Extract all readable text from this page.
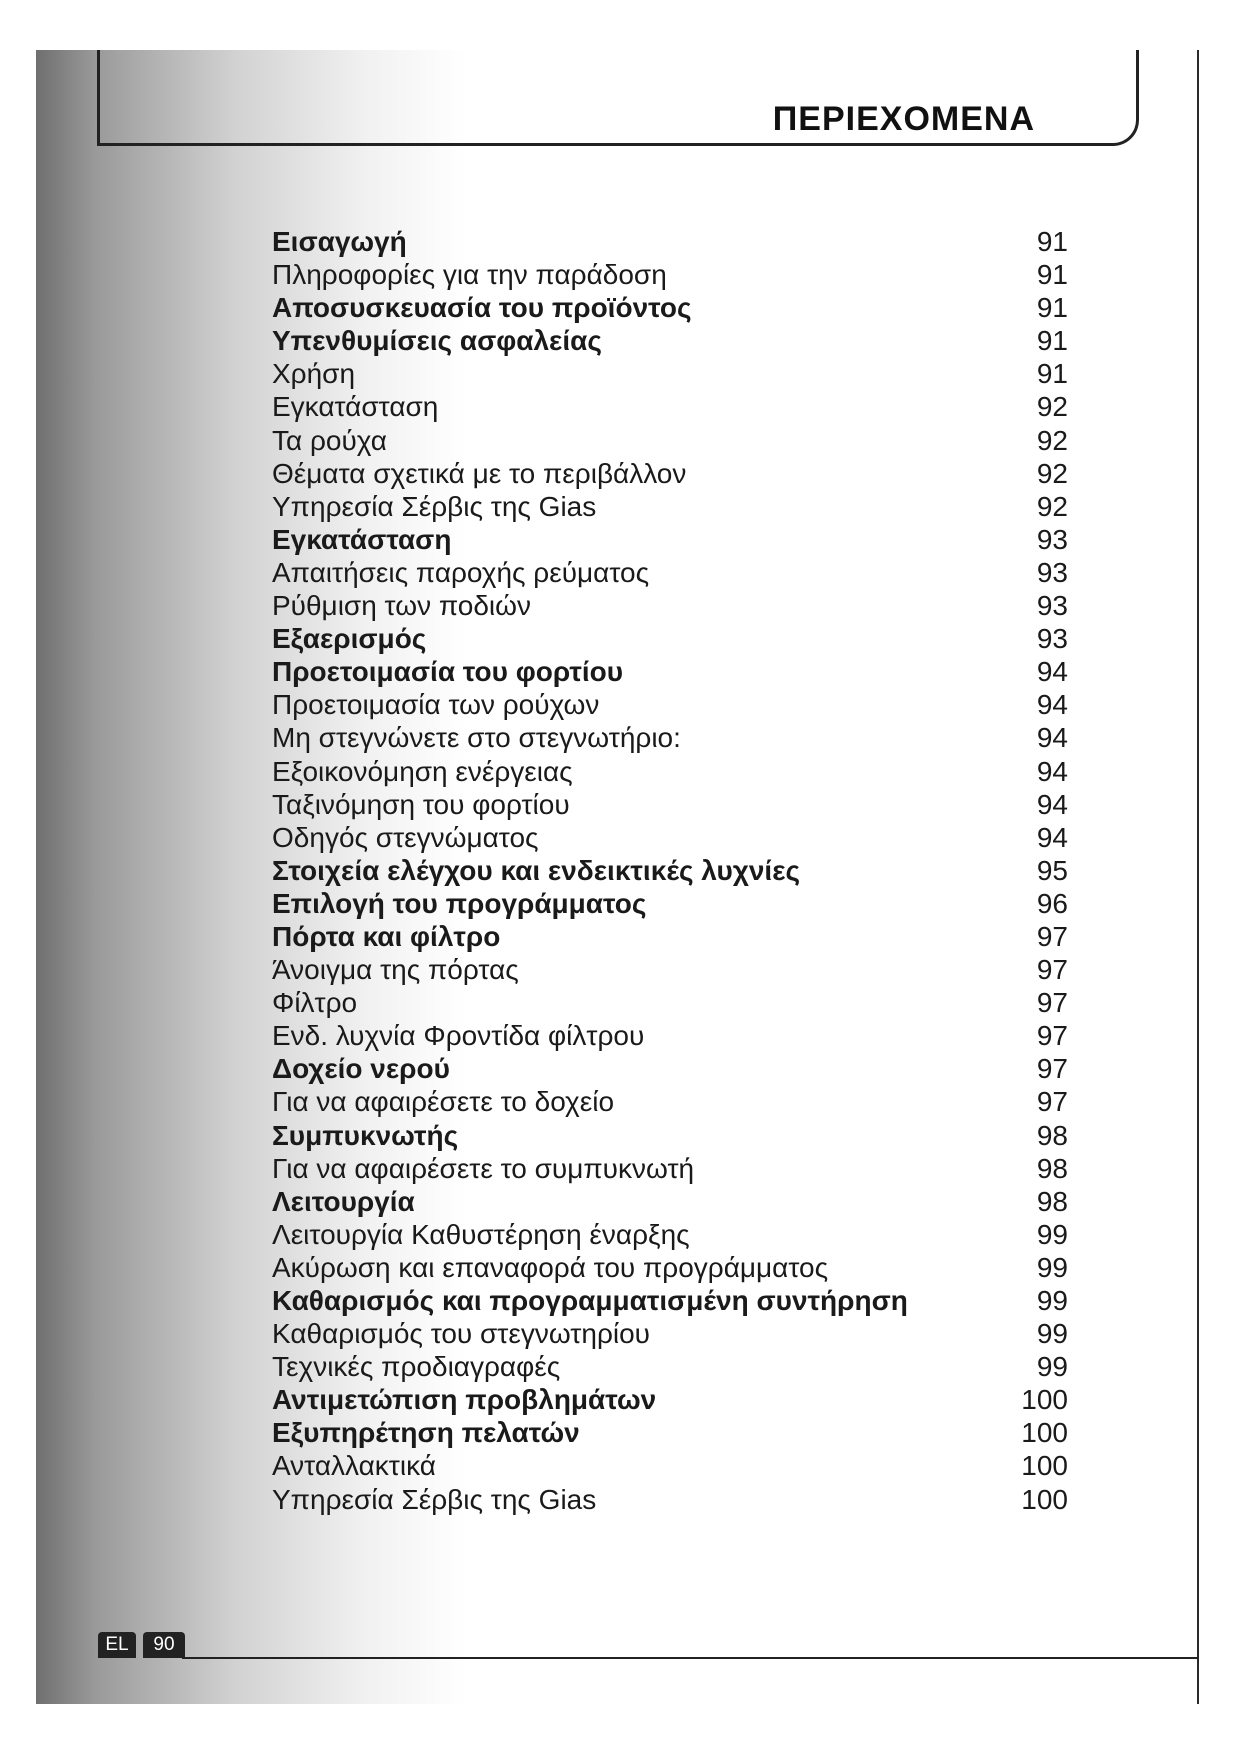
ΠΕΡΙΕΧΟΜΕΝΑ
Εισαγωγή	91
Πληροφορίες για την παράδοση	91
Αποσυσκευασία του προϊόντος	91
Υπενθυμίσεις ασφαλείας	91
Χρήση	91
Εγκατάσταση	92
Τα ρούχα	92
Θέματα σχετικά με το περιβάλλον	92
Υπηρεσία Σέρβις της Gias	92
Εγκατάσταση	93
Απαιτήσεις παροχής ρεύματος	93
Ρύθμιση των ποδιών	93
Εξαερισμός	93
Προετοιμασία του φορτίου	94
Προετοιμασία των ρούχων	94
Μη στεγνώνετε στο στεγνωτήριο:	94
Εξοικονόμηση ενέργειας	94
Ταξινόμηση του φορτίου	94
Οδηγός στεγνώματος	94
Στοιχεία ελέγχου και ενδεικτικές λυχνίες	95
Επιλογή του προγράμματος	96
Πόρτα και φίλτρο	97
Άνοιγμα της πόρτας	97
Φίλτρο	97
Ενδ. λυχνία Φροντίδα φίλτρου	97
Δοχείο νερού	97
Για να αφαιρέσετε το δοχείο	97
Συμπυκνωτής	98
Για να αφαιρέσετε το συμπυκνωτή	98
Λειτουργία	98
Λειτουργία Καθυστέρηση έναρξης	99
Ακύρωση και επαναφορά του προγράμματος	99
Καθαρισμός και προγραμματισμένη συντήρηση	99
Καθαρισμός του στεγνωτηρίου	99
Τεχνικές προδιαγραφές	99
Αντιμετώπιση προβλημάτων	100
Εξυπηρέτηση πελατών	100
Ανταλλακτικά	100
Υπηρεσία Σέρβις της Gias	100
EL	90
